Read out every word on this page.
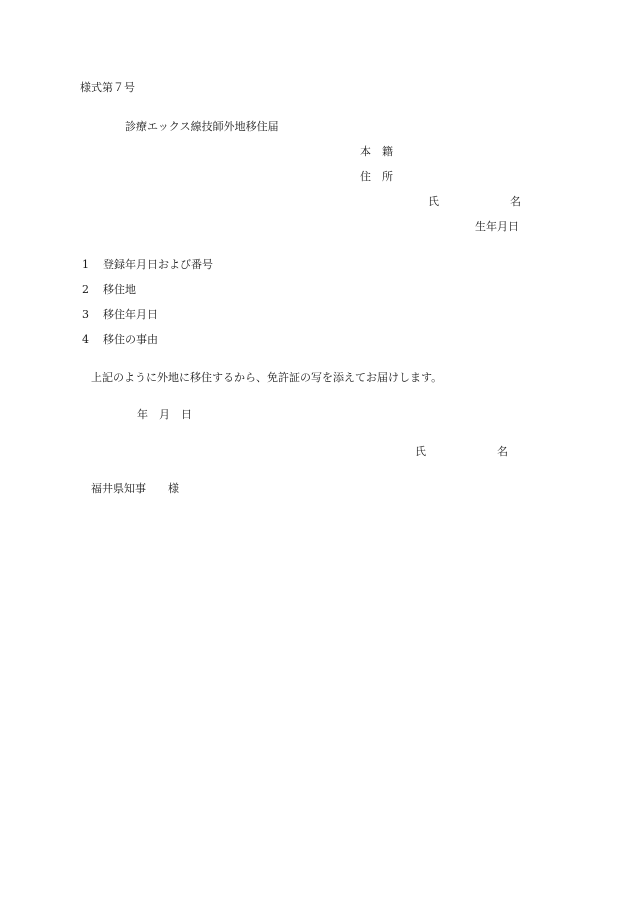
様式第７号
診療エックス線技師外地移住届
本　籍
住　所
氏	名
生年月日
1 登録年月日および番号
2 移住地
3 移住年月日
4 移住の事由
上記のように外地に移住するから、免許証の写を添えてお届けします。
年　月　日
氏	名
福井県知事　　様
